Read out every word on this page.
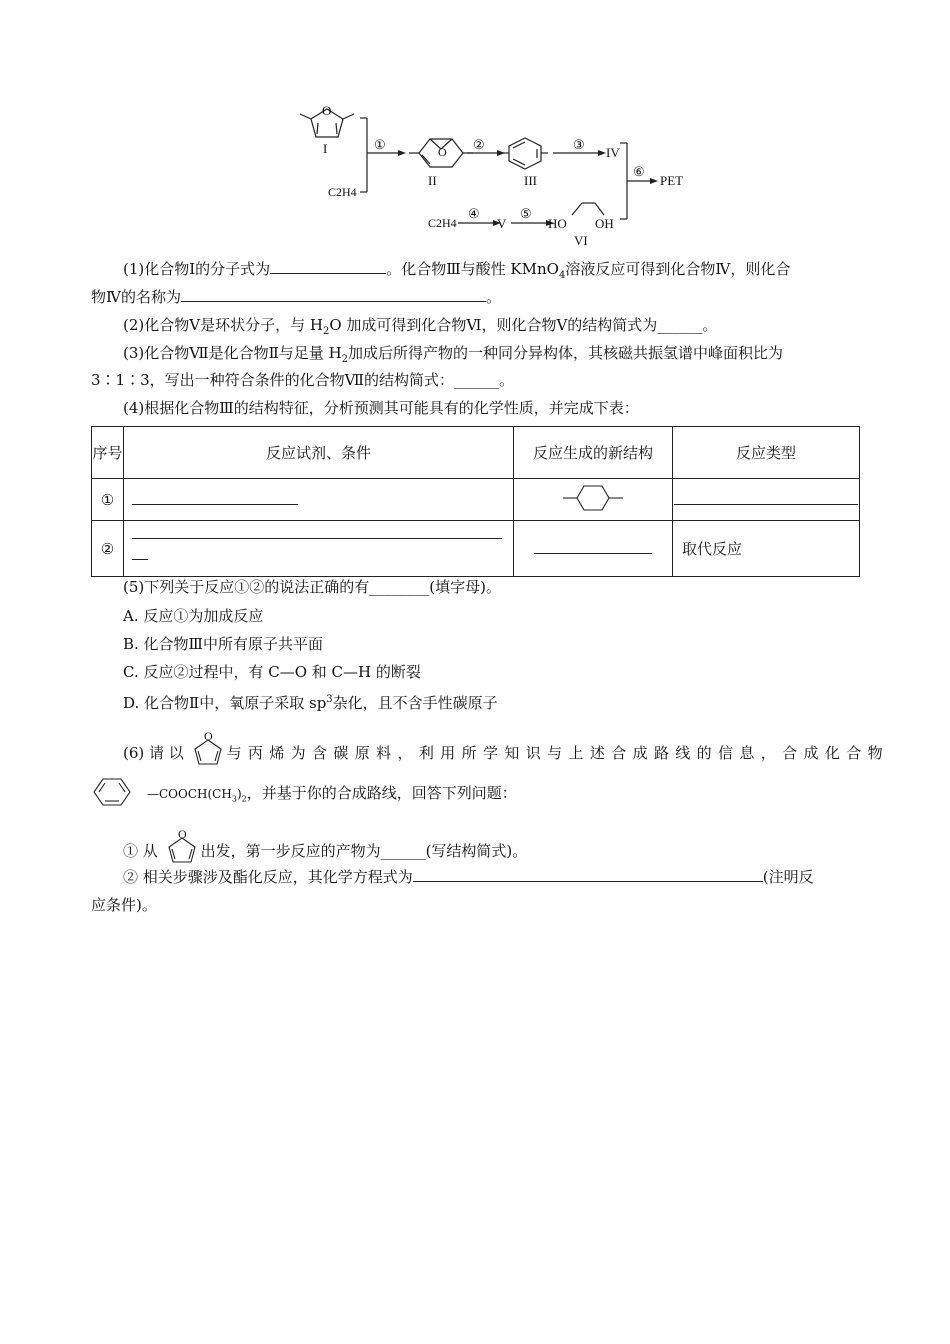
O
I
C2H4
①	O
II
②
III
③
IV
⑥
PET
C2H4
④
V
⑤
HO OH
VI
(1)化合物Ⅰ的分子式为	。化合物Ⅲ与酸性 KMnO$_4$溶液反应可得到化合物Ⅳ，则化合
物Ⅳ的名称为	。
(2)化合物Ⅴ是环状分子，与 $H_2O$ 加成可得到化合物Ⅵ，则化合物Ⅴ的结构简式为______。
(3)化合物Ⅶ是化合物Ⅱ与足量 $H_2$加成后所得产物的一种同分异构体，其核磁共振氢谱中峰面积比为
3∶1∶3，写出一种符合条件的化合物Ⅶ的结构简式：______。
(4)根据化合物Ⅲ的结构特征，分析预测其可能具有的化学性质，并完成下表：
序号	反应试剂、条件	反应生成的新结构	反应类型
①			
②			取代反应
(5)下列关于反应①②的说法正确的有________(填字母)。
A. 反应①为加成反应
B. 化合物Ⅲ中所有原子共平面
C. 反应②过程中，有 C—O 和 C—H 的断裂
D. 化合物Ⅱ中，氧原子采取 $sp^3$杂化，且不含手性碳原子
(6) 请 以
O
与 丙 烯 为 含 碳 原 料 ， 利 用 所 学 知 识 与 上 述 合 成 路 线 的 信 息 ， 合 成 化 合 物
$—COOCH(CH_3)_2$，并基于你的合成路线，回答下列问题：
① 从
O
出发，第一步反应的产物为______(写结构简式)。
② 相关步骤涉及酯化反应，其化学方程式为	(注明反
应条件)。
